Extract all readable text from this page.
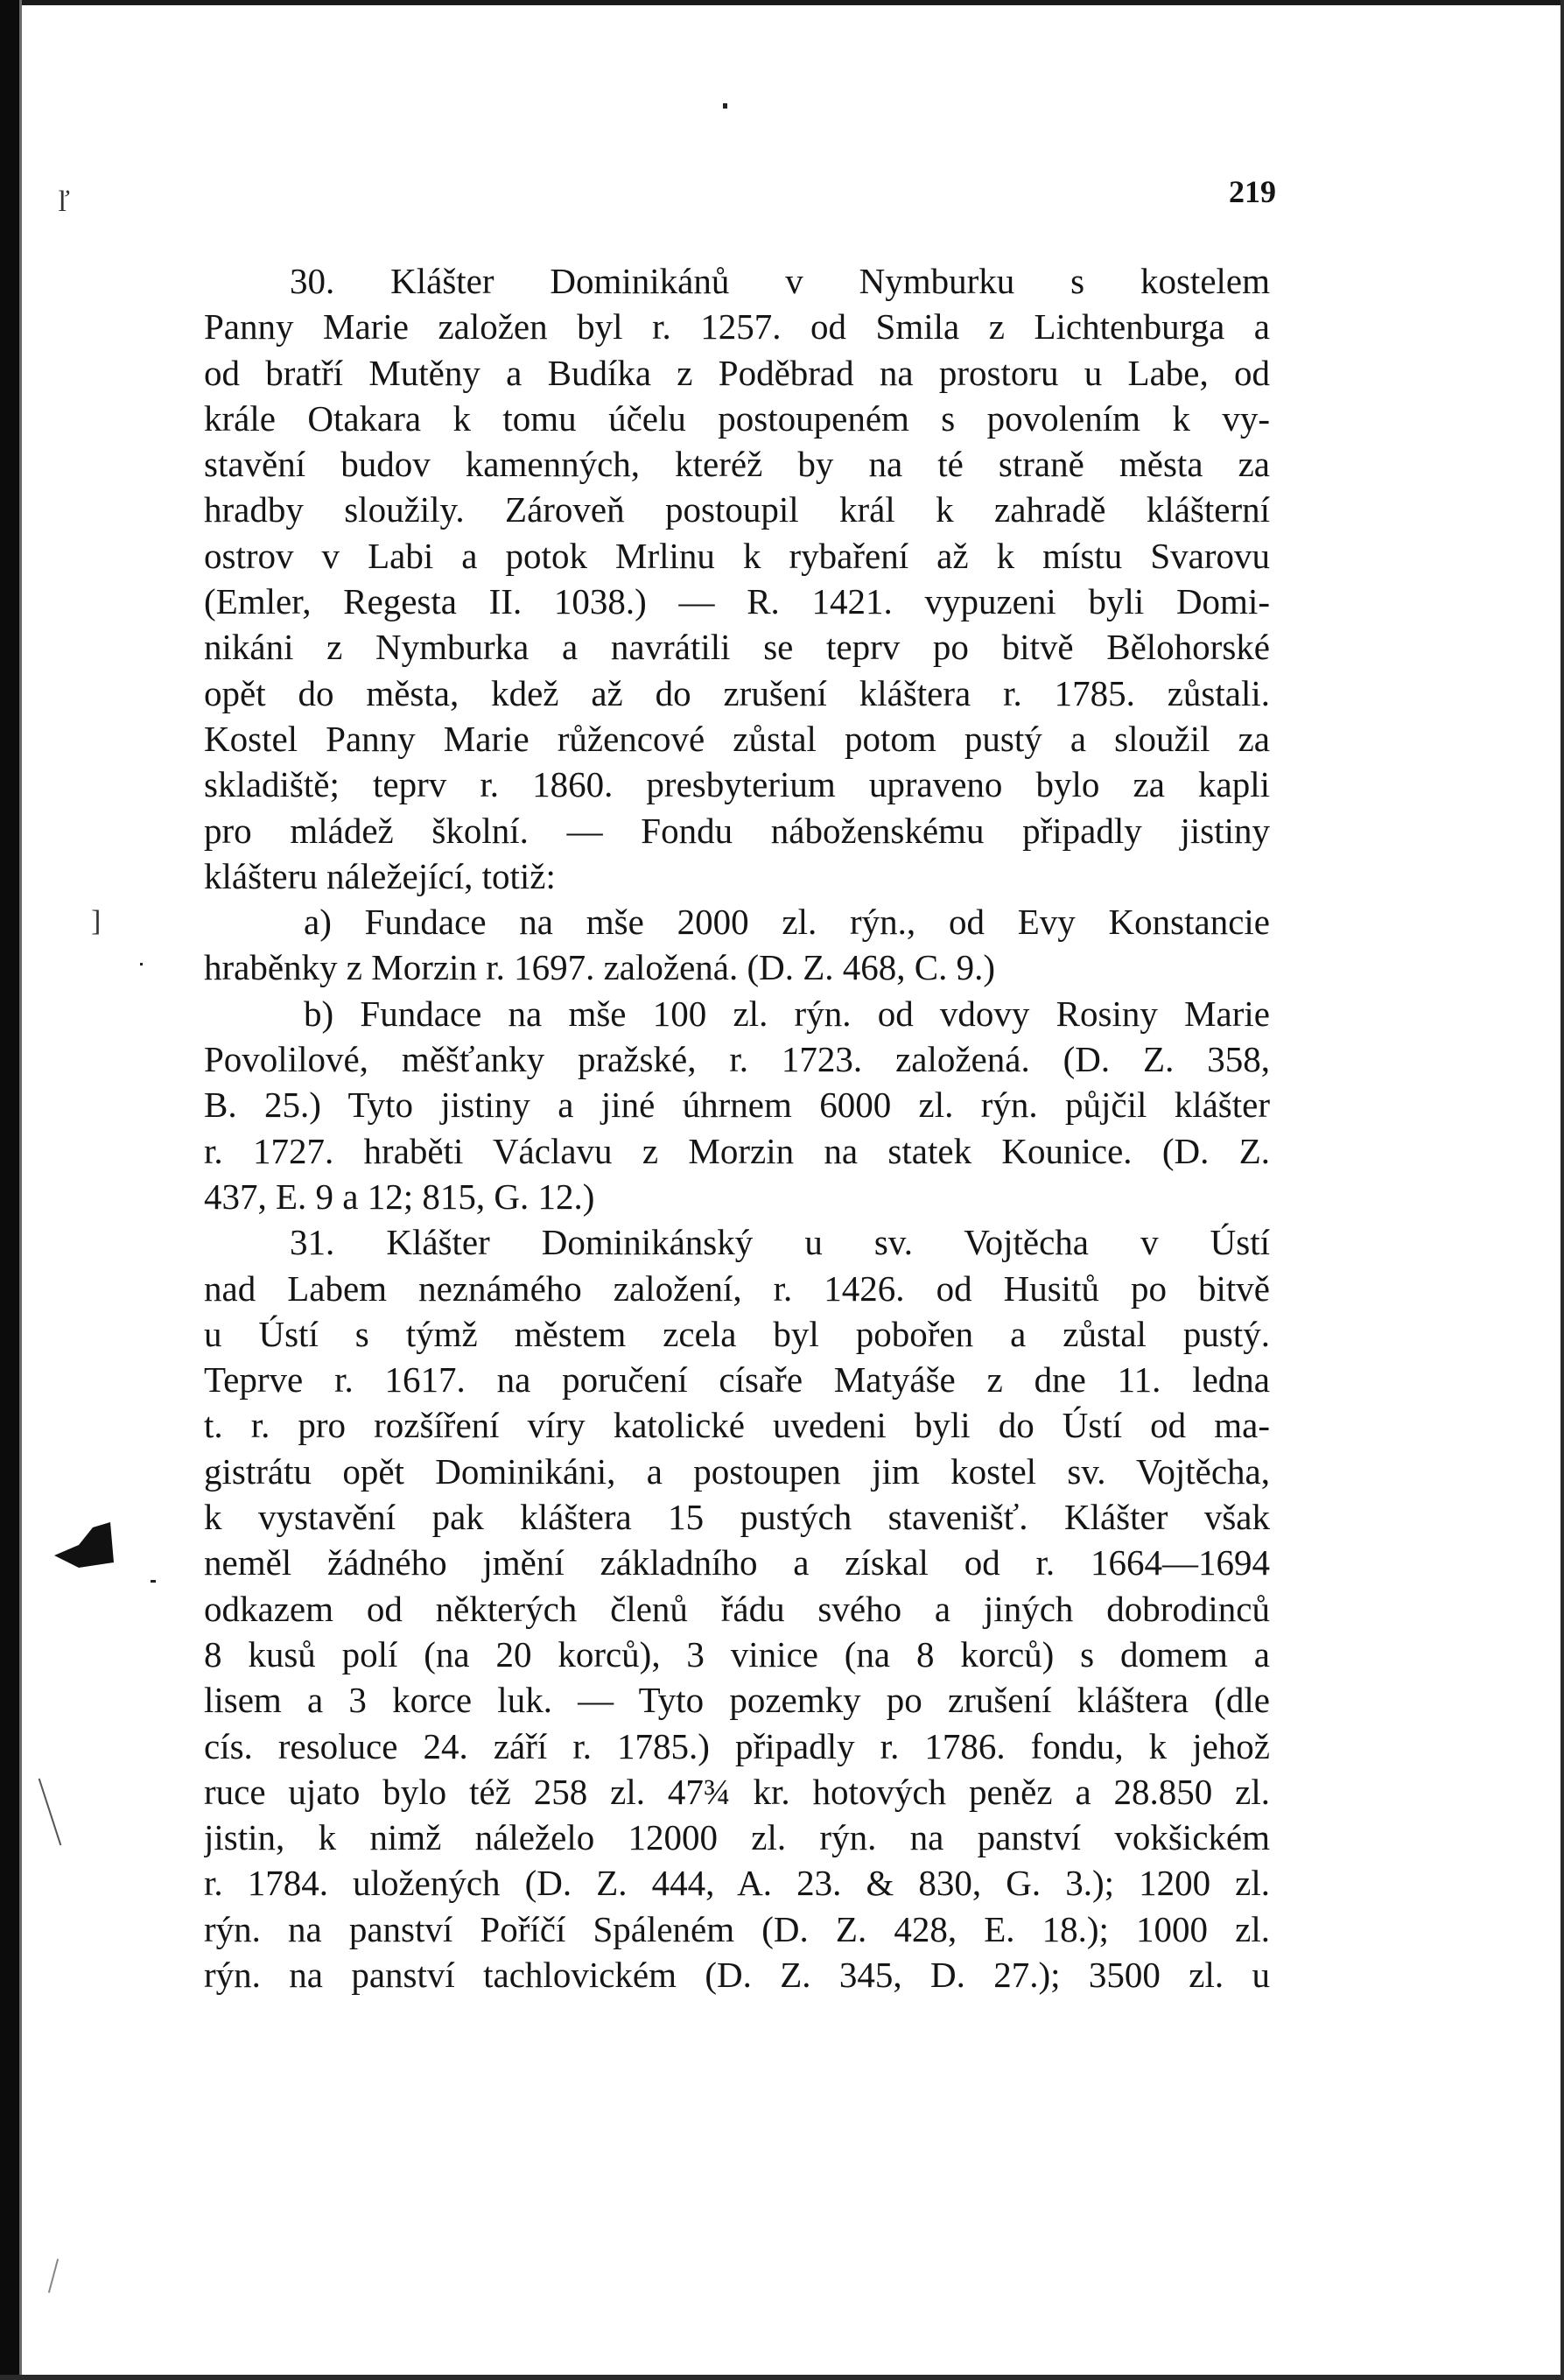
ľ
]
219
30. Klášter Dominikánů v Nymburku s kostelem
Panny Marie založen byl r. 1257. od Smila z Lichtenburga a
od bratří Mutěny a Budíka z Poděbrad na prostoru u Labe, od
krále Otakara k tomu účelu postoupeném s povolením k vy-
stavění budov kamenných, kteréž by na té straně města za
hradby sloužily. Zároveň postoupil král k zahradě klášterní
ostrov v Labi a potok Mrlinu k rybaření až k místu Svarovu
(Emler, Regesta II. 1038.) — R. 1421. vypuzeni byli Domi-
nikáni z Nymburka a navrátili se teprv po bitvě Bělohorské
opět do města, kdež až do zrušení kláštera r. 1785. zůstali.
Kostel Panny Marie růžencové zůstal potom pustý a sloužil za
skladiště; teprv r. 1860. presbyterium upraveno bylo za kapli
pro mládež školní. — Fondu náboženskému připadly jistiny
klášteru náležející, totiž:
a) Fundace na mše 2000 zl. rýn., od Evy Konstancie
hraběnky z Morzin r. 1697. založená. (D. Z. 468, C. 9.)
b) Fundace na mše 100 zl. rýn. od vdovy Rosiny Marie
Povolilové, měšťanky pražské, r. 1723. založená. (D. Z. 358,
B. 25.) Tyto jistiny a jiné úhrnem 6000 zl. rýn. půjčil klášter
r. 1727. hraběti Václavu z Morzin na statek Kounice. (D. Z.
437, E. 9 a 12; 815, G. 12.)
31. Klášter Dominikánský u sv. Vojtěcha v Ústí
nad Labem neznámého založení, r. 1426. od Husitů po bitvě
u Ústí s týmž městem zcela byl pobořen a zůstal pustý.
Teprve r. 1617. na poručení císaře Matyáše z dne 11. ledna
t. r. pro rozšíření víry katolické uvedeni byli do Ústí od ma-
gistrátu opět Dominikáni, a postoupen jim kostel sv. Vojtěcha,
k vystavění pak kláštera 15 pustých stavenišť. Klášter však
neměl žádného jmění základního a získal od r. 1664—1694
odkazem od některých členů řádu svého a jiných dobrodinců
8 kusů polí (na 20 korců), 3 vinice (na 8 korců) s domem a
lisem a 3 korce luk. — Tyto pozemky po zrušení kláštera (dle
cís. resoluce 24. září r. 1785.) připadly r. 1786. fondu, k jehož
ruce ujato bylo též 258 zl. 47¾ kr. hotových peněz a 28.850 zl.
jistin, k nimž náleželo 12000 zl. rýn. na panství vokšickém
r. 1784. uložených (D. Z. 444, A. 23. & 830, G. 3.); 1200 zl.
rýn. na panství Poříčí Spáleném (D. Z. 428, E. 18.); 1000 zl.
rýn. na panství tachlovickém (D. Z. 345, D. 27.); 3500 zl. u
